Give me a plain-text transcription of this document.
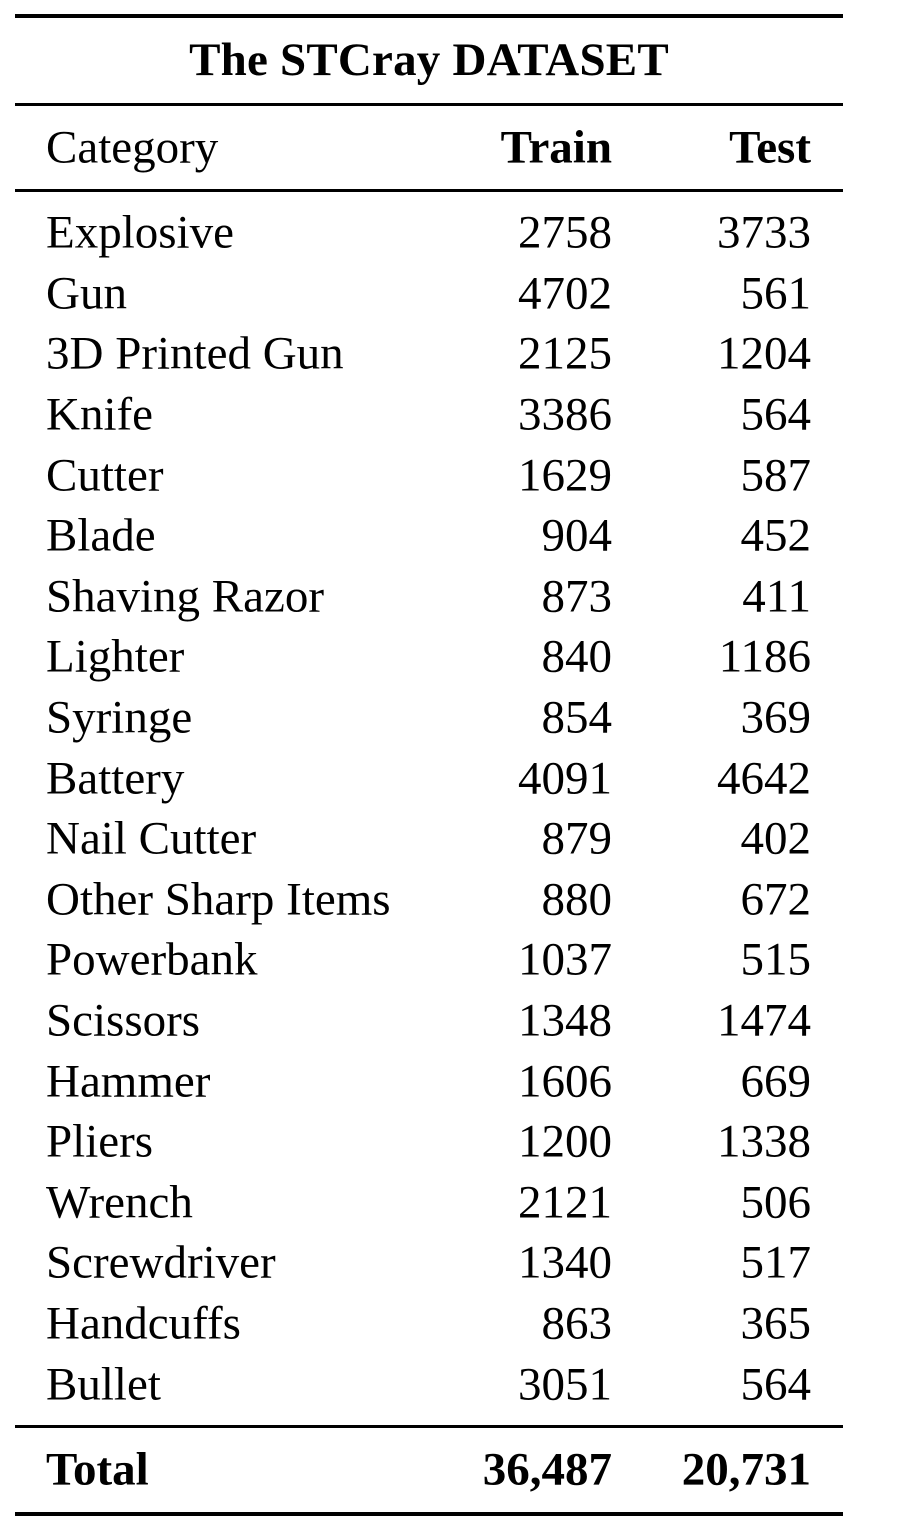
The STCray DATASET
Category	Train Test
Explosive	2758 3733
Gun	4702	561
3D Printed Gun	2125 1204
Knife	3386	564
Cutter	1629	587
Blade	904	452
Shaving Razor	873	411
Lighter	840 1186
Syringe	854	369
Battery	4091 4642
Nail Cutter	879	402
Other Sharp Items	880	672
Powerbank	1037	515
Scissors	1348 1474
Hammer	1606	669
Pliers	1200 1338
Wrench	2121	506
Screwdriver	1340	517
Handcuffs	863	365
Bullet	3051	564
Total	36,487 20,731
